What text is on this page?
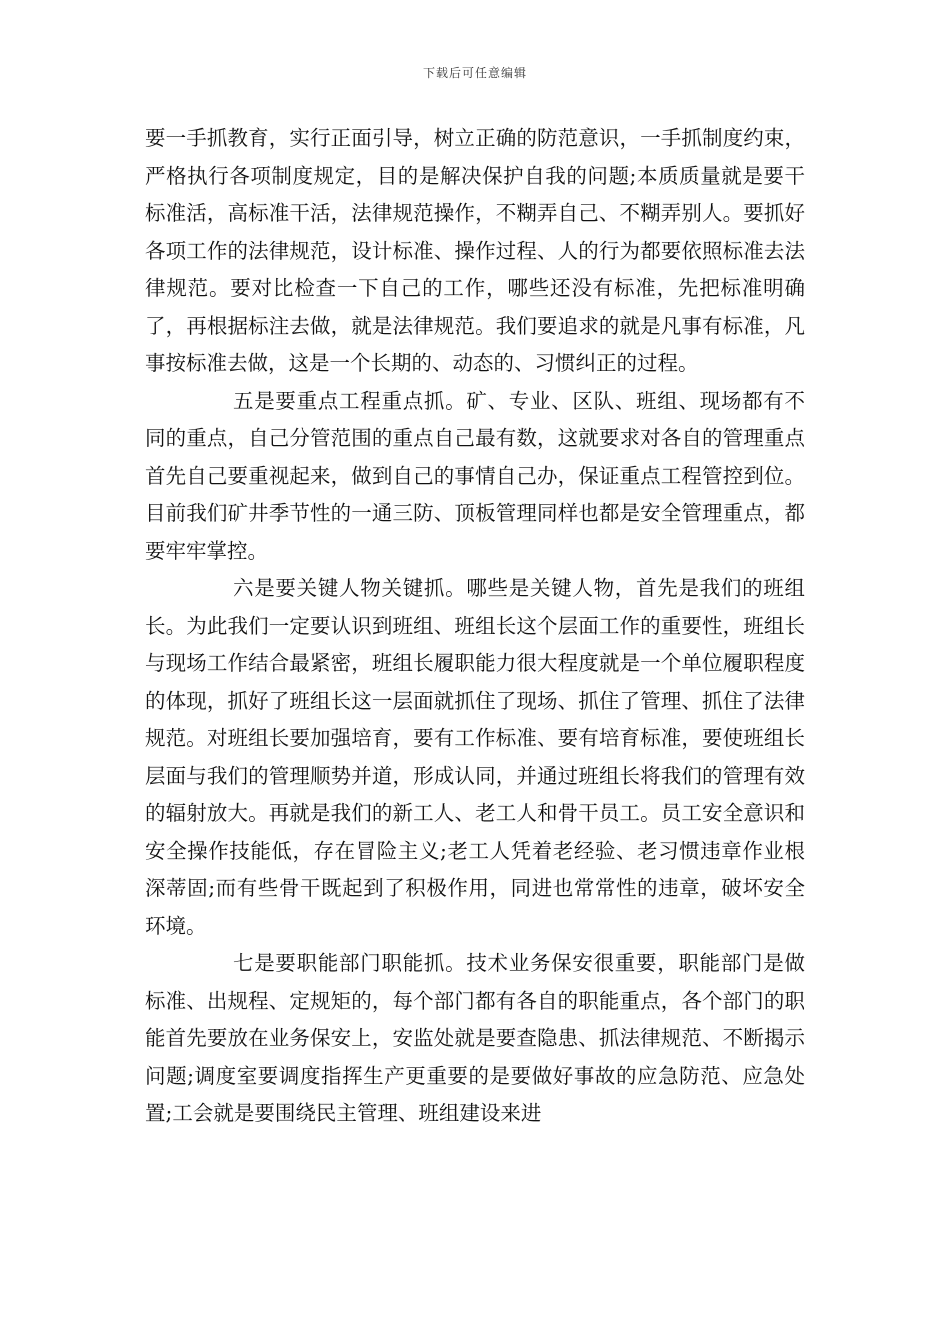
下载后可任意编辑

要一手抓教育，实行正面引导，树立正确的防范意识，一手抓制度约束，严格执行各项制度规定，目的是解决保护自我的问题;本质质量就是要干标准活，高标准干活，法律规范操作，不糊弄自己、不糊弄别人。要抓好各项工作的法律规范，设计标准、操作过程、人的行为都要依照标准去法律规范。要对比检查一下自己的工作，哪些还没有标准，先把标准明确了，再根据标注去做，就是法律规范。我们要追求的就是凡事有标准，凡事按标准去做，这是一个长期的、动态的、习惯纠正的过程。

五是要重点工程重点抓。矿、专业、区队、班组、现场都有不同的重点，自己分管范围的重点自己最有数，这就要求对各自的管理重点首先自己要重视起来，做到自己的事情自己办，保证重点工程管控到位。目前我们矿井季节性的一通三防、顶板管理同样也都是安全管理重点，都要牢牢掌控。

六是要关键人物关键抓。哪些是关键人物，首先是我们的班组长。为此我们一定要认识到班组、班组长这个层面工作的重要性，班组长与现场工作结合最紧密，班组长履职能力很大程度就是一个单位履职程度的体现，抓好了班组长这一层面就抓住了现场、抓住了管理、抓住了法律规范。对班组长要加强培育，要有工作标准、要有培育标准，要使班组长层面与我们的管理顺势并道，形成认同，并通过班组长将我们的管理有效的辐射放大。再就是我们的新工人、老工人和骨干员工。员工安全意识和安全操作技能低，存在冒险主义;老工人凭着老经验、老习惯违章作业根深蒂固;而有些骨干既起到了积极作用，同进也常常性的违章，破坏安全环境。

七是要职能部门职能抓。技术业务保安很重要，职能部门是做标准、出规程、定规矩的，每个部门都有各自的职能重点，各个部门的职能首先要放在业务保安上，安监处就是要查隐患、抓法律规范、不断揭示问题;调度室要调度指挥生产更重要的是要做好事故的应急防范、应急处置;工会就是要围绕民主管理、班组建设来进
